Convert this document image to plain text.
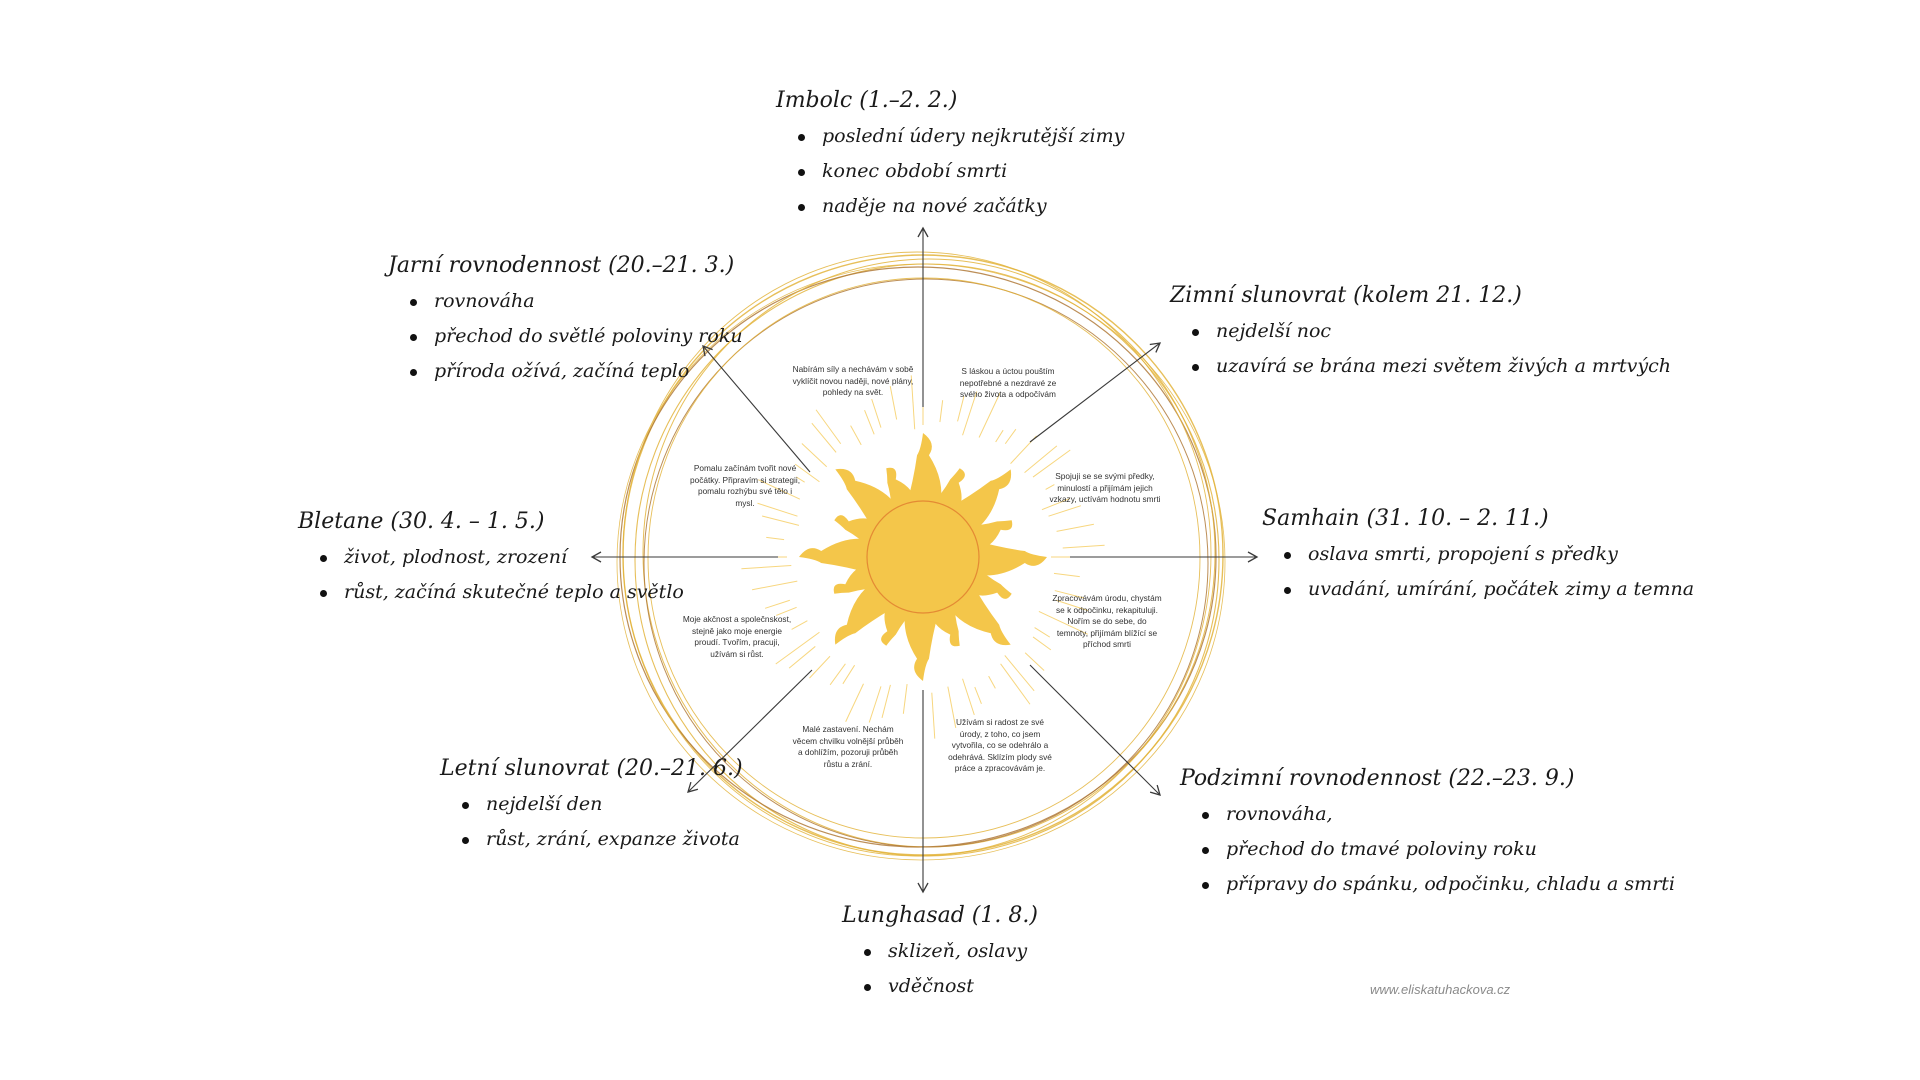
Imbolc (1.–2. 2.)
poslední údery nejkrutější zimy
konec období smrti
naděje na nové začátky
Zimní slunovrat (kolem 21. 12.)
nejdelší noc
uzavírá se brána mezi světem živých a mrtvých
Samhain (31. 10. – 2. 11.)
oslava smrti, propojení s předky
uvadání, umírání, počátek zimy a temna
Podzimní rovnodennost (22.–23. 9.)
rovnováha,
přechod do tmavé poloviny roku
přípravy do spánku, odpočinku, chladu a smrti
Lunghasad (1. 8.)
sklizeň, oslavy
vděčnost
Letní slunovrat (20.–21. 6.)
nejdelší den
růst, zrání, expanze života
Bletane (30. 4. – 1. 5.)
život, plodnost, zrození
růst, začíná skutečné teplo a světlo
Jarní rovnodennost (20.–21. 3.)
rovnováha
přechod do světlé poloviny roku
příroda ožívá, začíná teplo	Nabírám síly a nechávám v sobě vyklíčit novou naději, nové plány, pohledy na svět.
S láskou a úctou pouštím nepotřebné a nezdravé ze svého života a odpočívám
Spojuji se se svými předky, minulostí a přijímám jejich vzkazy, uctívám hodnotu smrti
Zpracovávám úrodu, chystám se k odpočinku, rekapituluji. Nořím se do sebe, do temnoty, přijímám blížící se příchod smrti
Užívám si radost ze své úrody, z toho, co jsem vytvořila, co se odehrálo a odehrává. Sklízím plody své práce a zpracovávám je.
Malé zastavení. Nechám věcem chvilku volnější průběh a dohlížím, pozoruji průběh růstu a zrání.
Moje akčnost a společnskost, stejně jako moje energie proudí. Tvořím, pracuji, užívám si růst.
Pomalu začínám tvořit nové počátky. Připravím si strategii, pomalu rozhýbu své tělo i mysl.
www.eliskatuhackova.cz
